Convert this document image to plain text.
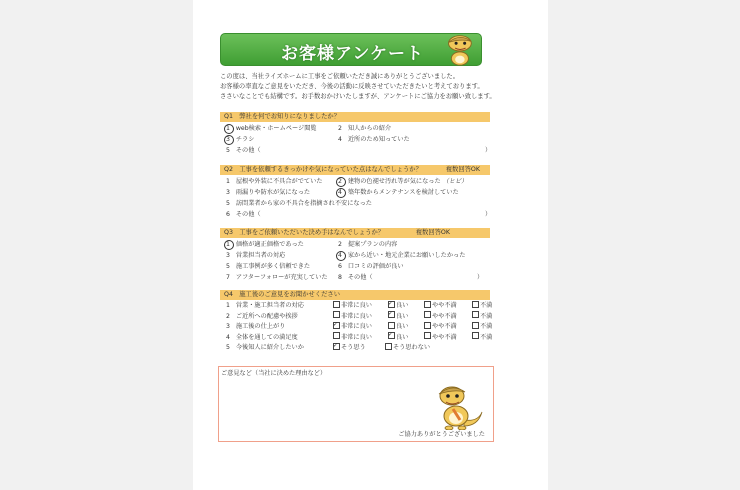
お客様アンケート
この度は、当社ライズホームに工事をご依頼いただき誠にありがとうございました。
お客様の率直なご意見をいただき、今後の活動に反映させていただきたいと考えております。
ささいなことでも結構です。お手数おかけいたしますが、アンケートにご協力をお願い致します。
Q1　弊社を何でお知りになりましたか？
1 web検索・ホームページ閲覧	2 知人からの紹介
3 チラシ	4 近所のため知っていた
5 その他（	）
Q2　工事を依頼するきっかけや気になっていた点はなんでしょうか？	複数回答OK
1 屋根や外装に不具合がでていた	2 建物の色褪せ汚れ等が気になった （ヒビ）
3 雨漏りや防水が気になった	4 築年数からメンテナンスを検討していた
5 訪問業者から家の不具合を指摘され不安になった
6 その他（	）
Q3　工事をご依頼いただいた決め手はなんでしょうか？	複数回答OK
1 価格が適正価格であった	2 提案プランの内容
3 営業担当者の対応	4 家から近い・地元企業にお願いしたかった
5 施工事例が多く信頼できた	6 口コミの評価が良い
7 アフターフォローが充実していた 8 その他（	）
Q4　施工後のご意見をお聞かせください
ご意見など（当社に決めた理由など）
ご協力ありがとうございました
1 営業・施工担当者の対応	非常に良い ✓	良い	やや不満	不満
2 ご近所への配慮や挨拶	非常に良い ✓	良い	やや不満	不満
3 施工後の仕上がり ✓	非常に良い	良い	やや不満	不満
4 全体を通しての満足度	非常に良い ✓	良い	やや不満	不満
5 今後知人に紹介したいか ✓	そう思う	そう思わない
